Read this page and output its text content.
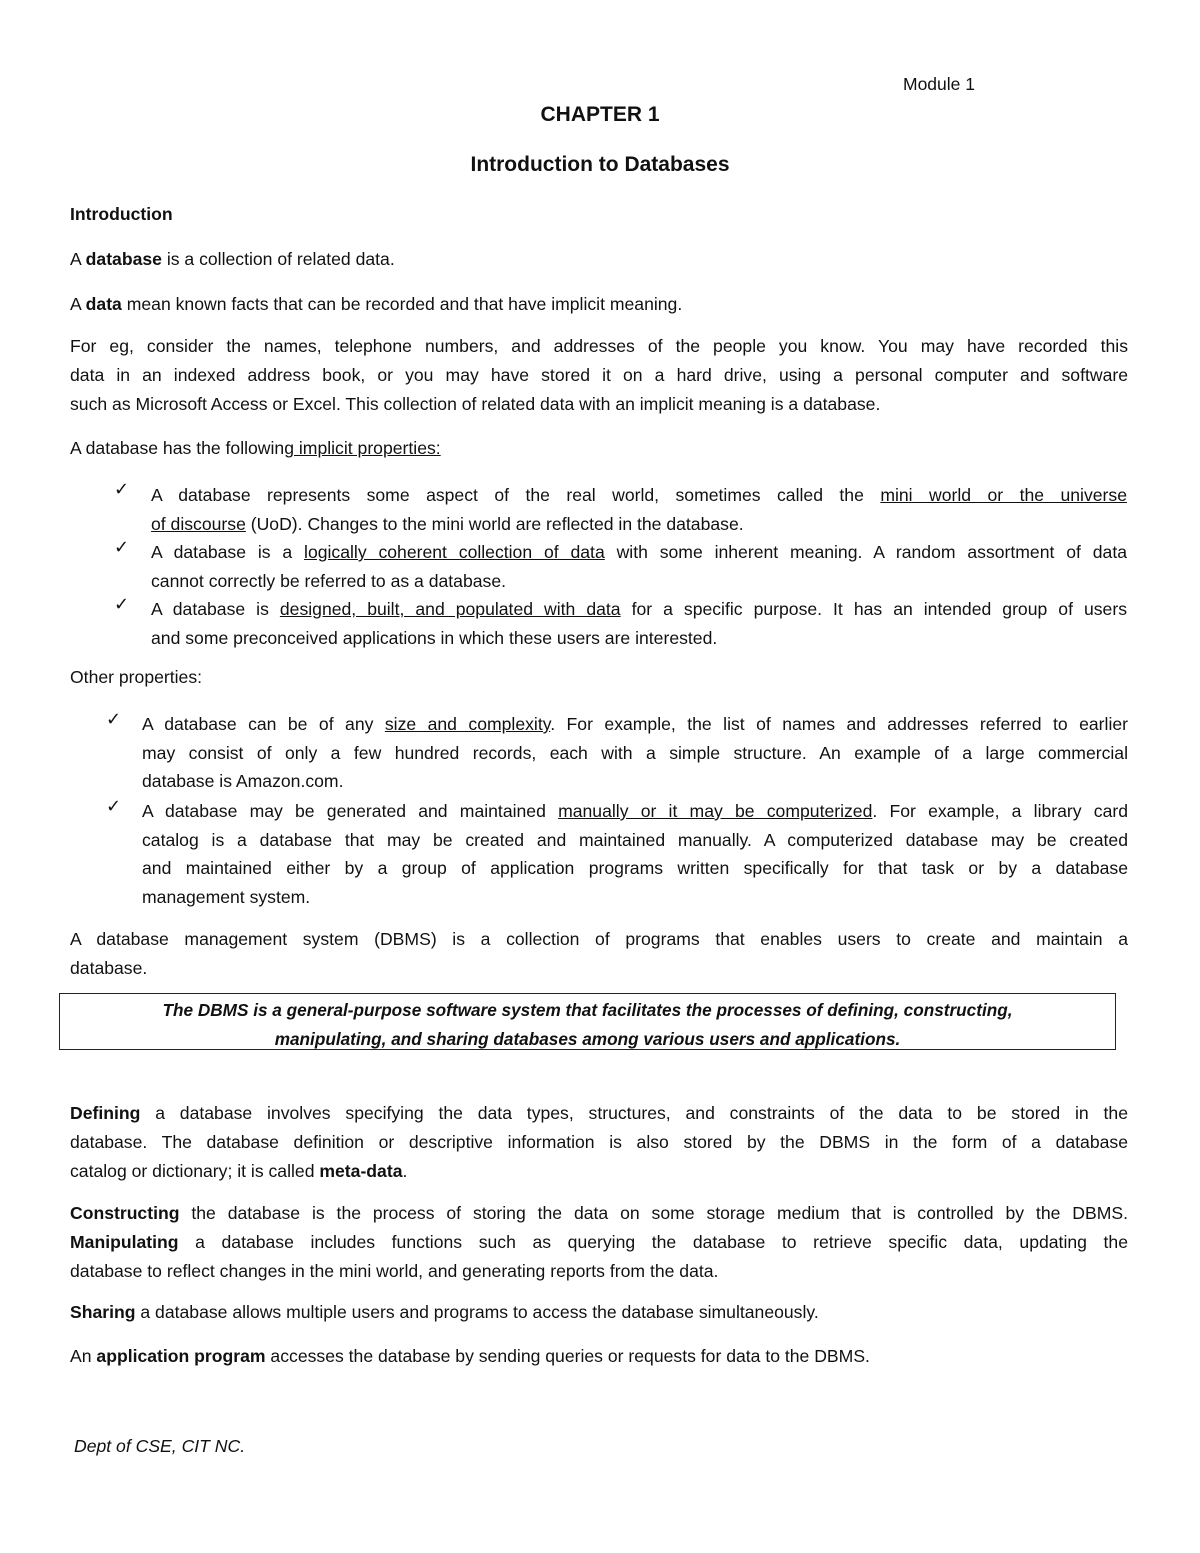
Module 1
CHAPTER 1
Introduction to Databases
Introduction
A database is a collection of related data.
A data mean known facts that can be recorded and that have implicit meaning.
For eg, consider the names, telephone numbers, and addresses of the people you know. You may have recorded this
data in an indexed address book, or you may have stored it on a hard drive, using a personal computer and software
such as Microsoft Access or Excel. This collection of related data with an implicit meaning is a database.
A database has the following implicit properties:
✓ A database represents some aspect of the real world, sometimes called the mini world or the universe
of discourse (UoD). Changes to the mini world are reflected in the database.
✓ A database is a logically coherent collection of data with some inherent meaning. A random assortment of data
cannot correctly be referred to as a database.
✓ A database is designed, built, and populated with data for a specific purpose. It has an intended group of users
and some preconceived applications in which these users are interested.
Other properties:
✓ A database can be of any size and complexity. For example, the list of names and addresses referred to earlier
may consist of only a few hundred records, each with a simple structure. An example of a large commercial
database is Amazon.com.
✓ A database may be generated and maintained manually or it may be computerized. For example, a library card
catalog is a database that may be created and maintained manually. A computerized database may be created
and maintained either by a group of application programs written specifically for that task or by a database
management system.
A database management system (DBMS) is a collection of programs that enables users to create and maintain a
database.
The DBMS is a general-purpose software system that facilitates the processes of defining, constructing,
manipulating, and sharing databases among various users and applications.
Defining a database involves specifying the data types, structures, and constraints of the data to be stored in the
database. The database definition or descriptive information is also stored by the DBMS in the form of a database
catalog or dictionary; it is called meta-data.
Constructing the database is the process of storing the data on some storage medium that is controlled by the DBMS.
Manipulating a database includes functions such as querying the database to retrieve specific data, updating the
database to reflect changes in the mini world, and generating reports from the data.
Sharing a database allows multiple users and programs to access the database simultaneously.
An application program accesses the database by sending queries or requests for data to the DBMS.
Dept of CSE, CIT NC.
